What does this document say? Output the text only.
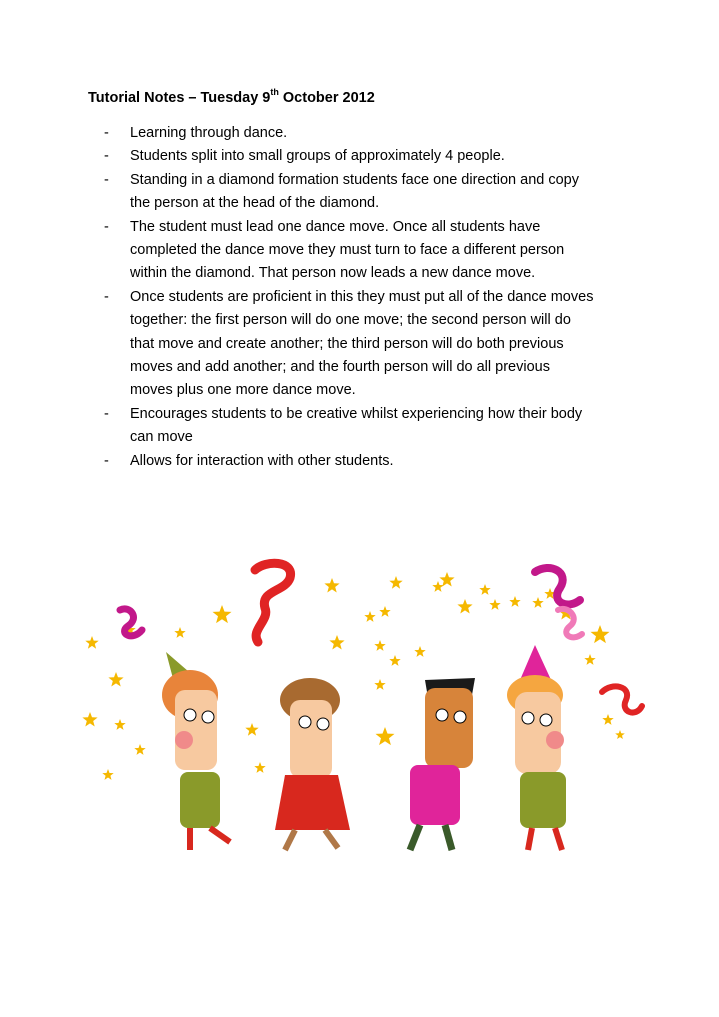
Tutorial Notes – Tuesday 9th October 2012
- Learning through dance.
- Students split into small groups of approximately 4 people.
- Standing in a diamond formation students face one direction and copy
the person at the head of the diamond.
- The student must lead one dance move. Once all students have
completed the dance move they must turn to face a different person
within the diamond. That person now leads a new dance move.
- Once students are proficient in this they must put all of the dance moves
together: the first person will do one move; the second person will do
that move and create another; the third person will do both previous
moves and add another; and the fourth person will do all previous
moves plus one more dance move.
- Encourages students to be creative whilst experiencing how their body
can move
- Allows for interaction with other students.
